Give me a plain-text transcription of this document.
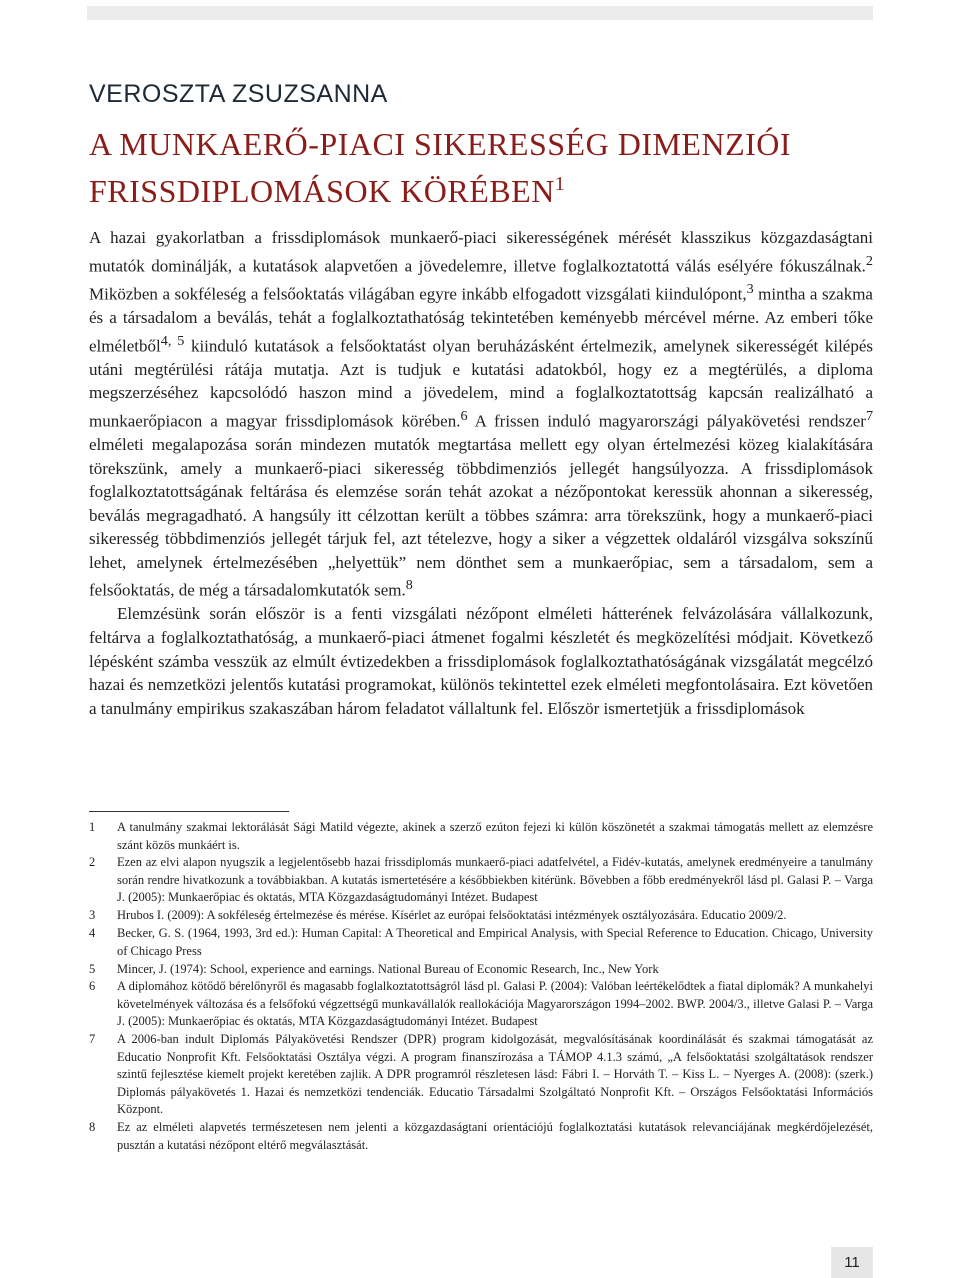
VEROSZTA ZSUZSANNA
A MUNKAERŐ-PIACI SIKERESSÉG DIMENZIÓI
FRISSDIPLOMÁSOK KÖRÉBEN$^1$

A hazai gyakorlatban a frissdiplomások munkaerő-piaci sikerességének mérését klasszikus közgazdaságtani mutatók dominálják, a kutatások alapvetően a jövedelemre, illetve foglalkoztatottá válás esélyére fókuszálnak.$^2$ Miközben a sokféleség a felsőoktatás világában egyre inkább elfogadott vizsgálati kiindulópont,$^3$ mintha a szakma és a társadalom a beválás, tehát a foglalkoztathatóság tekintetében keményebb mércével mérne. Az emberi tőke elméletből$^{4, 5}$ kiinduló kutatások a felsőoktatást olyan beruházásként értelmezik, amelynek sikerességét kilépés utáni megtérülési rátája mutatja. Azt is tudjuk e kutatási adatokból, hogy ez a megtérülés, a diploma megszerzéséhez kapcsolódó haszon mind a jövedelem, mind a foglalkoztatottság kapcsán realizálható a munkaerőpiacon a magyar frissdiplomások körében.$^6$ A frissen induló magyarországi pályakövetési rendszer$^7$ elméleti megalapozása során mindezen mutatók megtartása mellett egy olyan értelmezési közeg kialakítására törekszünk, amely a munkaerő-piaci sikeresség többdimenziós jellegét hangsúlyozza. A frissdiplomások foglalkoztatottságának feltárása és elemzése során tehát azokat a nézőpontokat keressük ahonnan a sikeresség, beválás megragadható. A hangsúly itt célzottan került a többes számra: arra törekszünk, hogy a munkaerő-piaci sikeresség többdimenziós jellegét tárjuk fel, azt tételezve, hogy a siker a végzettek oldaláról vizsgálva sokszínű lehet, amelynek értelmezésében „helyettük” nem dönthet sem a munkaerőpiac, sem a társadalom, sem a felsőoktatás, de még a társadalomkutatók sem.$^8$

Elemzésünk során először is a fenti vizsgálati nézőpont elméleti hátterének felvázolására vállalkozunk, feltárva a foglalkoztathatóság, a munkaerő-piaci átmenet fogalmi készletét és megközelítési módjait. Következő lépésként számba vesszük az elmúlt évtizedekben a frissdiplomások foglalkoztathatóságának vizsgálatát megcélzó hazai és nemzetközi jelentős kutatási programokat, különös tekintettel ezek elméleti megfontolásaira. Ezt követően a tanulmány empirikus szakaszában három feladatot vállaltunk fel. Először ismertetjük a frissdiplomások

1	A tanulmány szakmai lektorálását Sági Matild végezte, akinek a szerző ezúton fejezi ki külön köszönetét a szakmai támogatás mellett az elemzésre szánt közös munkáért is.
2	Ezen az elvi alapon nyugszik a legjelentősebb hazai frissdiplomás munkaerő-piaci adatfelvétel, a Fidév-kutatás, amelynek eredményeire a tanulmány során rendre hivatkozunk a továbbiakban. A kutatás ismertetésére a későbbiekben kitérünk. Bővebben a főbb eredményekről lásd pl. Galasi P. – Varga J. (2005): Munkaerőpiac és oktatás, MTA Közgazdaságtudományi Intézet. Budapest
3	Hrubos I. (2009): A sokféleség értelmezése és mérése. Kísérlet az európai felsőoktatási intézmények osztályozására. Educatio 2009/2.
4	Becker, G. S. (1964, 1993, 3rd ed.): Human Capital: A Theoretical and Empirical Analysis, with Special Reference to Education. Chicago, University of Chicago Press
5	Mincer, J. (1974): School, experience and earnings. National Bureau of Economic Research, Inc., New York
6	A diplomához kötődő bérelőnyről és magasabb foglalkoztatottságról lásd pl. Galasi P. (2004): Valóban leértékelődtek a fiatal diplomák? A munkahelyi követelmények változása és a felsőfokú végzettségű munkavállalók reallokációja Magyarországon 1994–2002. BWP. 2004/3., illetve Galasi P. – Varga J. (2005): Munkaerőpiac és oktatás, MTA Közgazdaságtudományi Intézet. Budapest
7	A 2006-ban indult Diplomás Pályakövetési Rendszer (DPR) program kidolgozását, megvalósításának koordinálását és szakmai támogatását az Educatio Nonprofit Kft. Felsőoktatási Osztálya végzi. A program finanszírozása a TÁMOP 4.1.3 számú, „A felsőoktatási szolgáltatások rendszer szintű fejlesztése kiemelt projekt keretében zajlik. A DPR programról részletesen lásd: Fábri I. – Horváth T. – Kiss L. – Nyerges A. (2008): (szerk.) Diplomás pályakövetés 1. Hazai és nemzetközi tendenciák. Educatio Társadalmi Szolgáltató Nonprofit Kft. – Országos Felsőoktatási Információs Központ.
8	Ez az elméleti alapvetés természetesen nem jelenti a közgazdaságtani orientációjú foglalkoztatási kutatások relevanciájának megkérdőjelezését, pusztán a kutatási nézőpont eltérő megválasztását.
11
